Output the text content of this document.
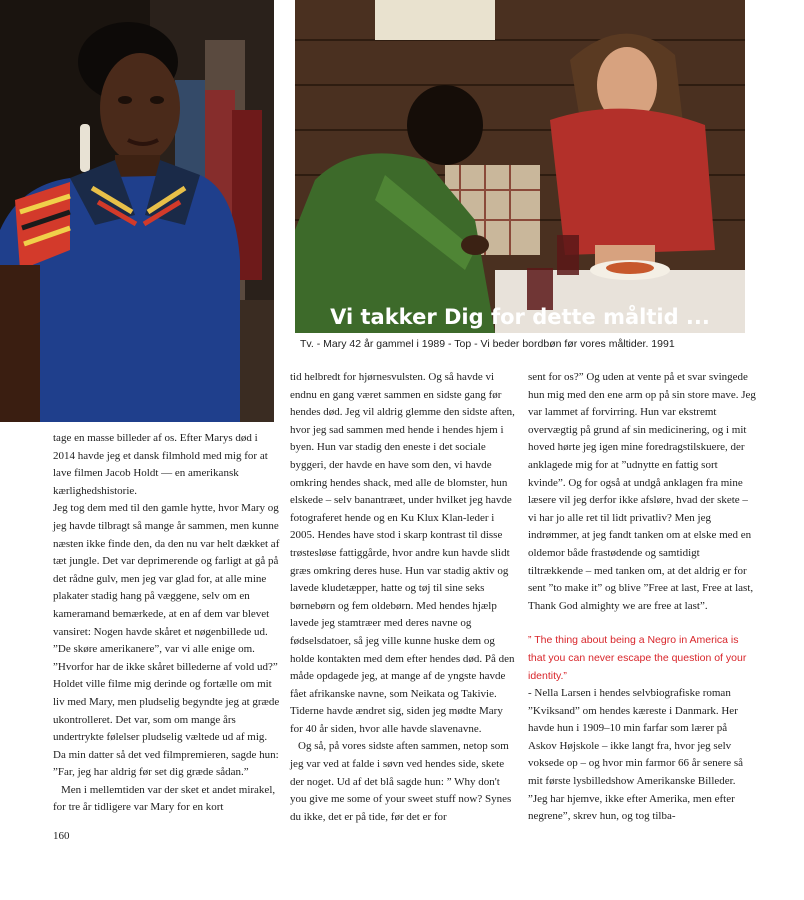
Vi takker Dig for dette måltid ...
Tv. - Mary 42 år gammel i 1989 - Top - Vi beder bordbøn før vores måltider. 1991

tage en masse billeder af os. Efter Marys død i 2014 havde jeg et dansk filmhold med mig for at lave filmen Jacob Holdt — en amerikansk kærlighedshistorie.

Jeg tog dem med til den gamle hytte, hvor Mary og jeg havde tilbragt så mange år sammen, men kunne næsten ikke finde den, da den nu var helt dækket af tæt jungle. Det var deprimerende og farligt at gå på det rådne gulv, men jeg var glad for, at alle mine plakater stadig hang på væggene, selv om en kameramand bemærkede, at en af dem var blevet vansiret: Nogen havde skåret et nøgenbillede ud. ”De skøre amerikanere”, var vi alle enige om. ”Hvorfor har de ikke skåret billederne af vold ud?” Holdet ville filme mig derinde og fortælle om mit liv med Mary, men pludselig begyndte jeg at græde ukontrolleret. Det var, som om mange års undertrykte følelser pludselig væltede ud af mig. Da min datter så det ved filmpremieren, sagde hun: ”Far, jeg har aldrig før set dig græde sådan.”

Men i mellemtiden var der sket et andet mirakel, for tre år tidligere var Mary for en kort

tid helbredt for hjørnesvulsten. Og så havde vi endnu en gang været sammen en sidste gang før hendes død. Jeg vil aldrig glemme den sidste aften, hvor jeg sad sammen med hende i hendes hjem i byen. Hun var stadig den eneste i det sociale byggeri, der havde en have som den, vi havde omkring hendes shack, med alle de blomster, hun elskede – selv banantræet, under hvilket jeg havde fotograferet hende og en Ku Klux Klan-leder i 2005. Hendes have stod i skarp kontrast til disse trøstesløse fattiggårde, hvor andre kun havde slidt græs omkring deres huse. Hun var stadig aktiv og lavede kludetæpper, hatte og tøj til sine seks børnebørn og fem oldebørn. Med hendes hjælp lavede jeg stamtræer med deres navne og fødselsdatoer, så jeg ville kunne huske dem og holde kontakten med dem efter hendes død. På den måde opdagede jeg, at mange af de yngste havde fået afrikanske navne, som Neikata og Takivie. Tiderne havde ændret sig, siden jeg mødte Mary for 40 år siden, hvor alle havde slavenavne.

Og så, på vores sidste aften sammen, netop som jeg var ved at falde i søvn ved hendes side, skete der noget. Ud af det blå sagde hun: ” Why don't you give me some of your sweet stuff now? Synes du ikke, det er på tide, før det er for

sent for os?” Og uden at vente på et svar svingede hun mig med den ene arm op på sin store mave. Jeg var lammet af forvirring. Hun var ekstremt overvægtig på grund af sin medicinering, og i mit hoved hørte jeg igen mine foredragstilskuere, der anklagede mig for at ”udnytte en fattig sort kvinde”. Og for også at undgå anklagen fra mine læsere vil jeg derfor ikke afsløre, hvad der skete – vi har jo alle ret til lidt privatliv? Men jeg indrømmer, at jeg fandt tanken om at elske med en oldemor både frastødende og samtidigt tiltrækkende – med tanken om, at det aldrig er for sent ”to make it” og blive ”Free at last, Free at last, Thank God almighty we are free at last”.

” The thing about being a Negro in America is that you can never escape the question of your identity.”

- Nella Larsen i hendes selvbiografiske roman ”Kviksand” om hendes kæreste i Danmark. Her havde hun i 1909–10 min farfar som lærer på Askov Højskole – ikke langt fra, hvor jeg selv voksede op – og hvor min farmor 66 år senere så mit første lysbilledshow Amerikanske Billeder. ”Jeg har hjemve, ikke efter Amerika, men efter negrene”, skrev hun, og tog tilba-

160
